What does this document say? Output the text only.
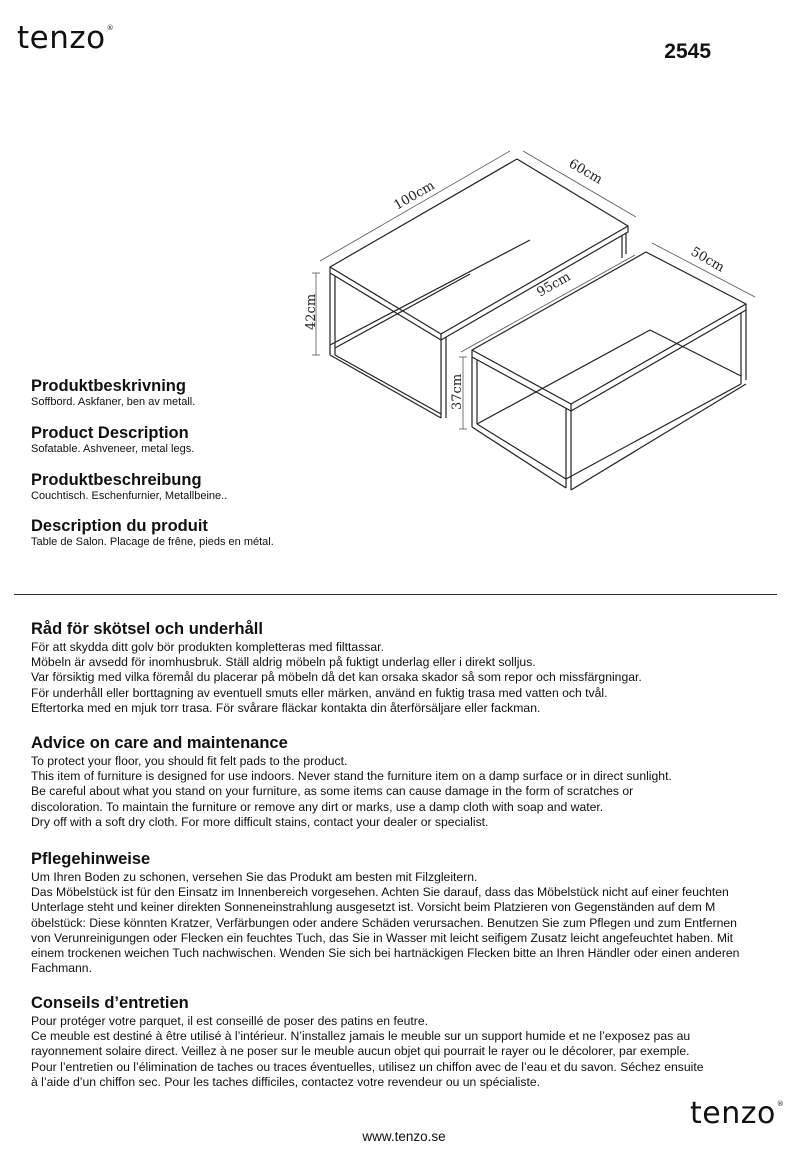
tenzo®
2545
100cm
60cm
42cm
95cm
50cm
37cm
Produktbeskrivning

Soffbord. Askfaner, ben av metall.

Product Description

Sofatable. Ashveneer, metal legs.

Produktbeschreibung

Couchtisch. Eschenfurnier, Metallbeine..

Description du produit

Table de Salon. Placage de frêne, pieds en métal.

Råd för skötsel och underhåll

För att skydda ditt golv bör produkten kompletteras med filttassar.

Möbeln är avsedd för inomhusbruk. Ställ aldrig möbeln på fuktigt underlag eller i direkt solljus.

Var försiktig med vilka föremål du placerar på möbeln då det kan orsaka skador så som repor och missfärgningar.

För underhåll eller borttagning av eventuell smuts eller märken, använd en fuktig trasa med vatten och tvål.

Eftertorka med en mjuk torr trasa. För svårare fläckar kontakta din återförsäljare eller fackman.

Advice on care and maintenance

To protect your floor, you should fit felt pads to the product.

This item of furniture is designed for use indoors. Never stand the furniture item on a damp surface or in direct sunlight.

Be careful about what you stand on your furniture, as some items can cause damage in the form of scratches or

discoloration. To maintain the furniture or remove any dirt or marks, use a damp cloth with soap and water.

Dry off with a soft dry cloth. For more difficult stains, contact your dealer or specialist.

Pflegehinweise

Um Ihren Boden zu schonen, versehen Sie das Produkt am besten mit Filzgleitern.

Das Möbelstück ist für den Einsatz im Innenbereich vorgesehen. Achten Sie darauf, dass das Möbelstück nicht auf einer feuchten

Unterlage steht und keiner direkten Sonneneinstrahlung ausgesetzt ist. Vorsicht beim Platzieren von Gegenständen auf dem M

öbelstück: Diese könnten Kratzer, Verfärbungen oder andere Schäden verursachen. Benutzen Sie zum Pflegen und zum Entfernen

von Verunreinigungen oder Flecken ein feuchtes Tuch, das Sie in Wasser mit leicht seifigem Zusatz leicht angefeuchtet haben. Mit

einem trockenen weichen Tuch nachwischen. Wenden Sie sich bei hartnäckigen Flecken bitte an Ihren Händler oder einen anderen

Fachmann.

Conseils d’entretien

Pour protéger votre parquet, il est conseillé de poser des patins en feutre.

Ce meuble est destiné à être utilisé à l’intérieur. N’installez jamais le meuble sur un support humide et ne l’exposez pas au

rayonnement solaire direct. Veillez à ne poser sur le meuble aucun objet qui pourrait le rayer ou le décolorer, par exemple.

Pour l’entretien ou l’élimination de taches ou traces éventuelles, utilisez un chiffon avec de l’eau et du savon. Séchez ensuite

à l’aide d’un chiffon sec. Pour les taches difficiles, contactez votre revendeur ou un spécialiste.

tenzo®
www.tenzo.se
